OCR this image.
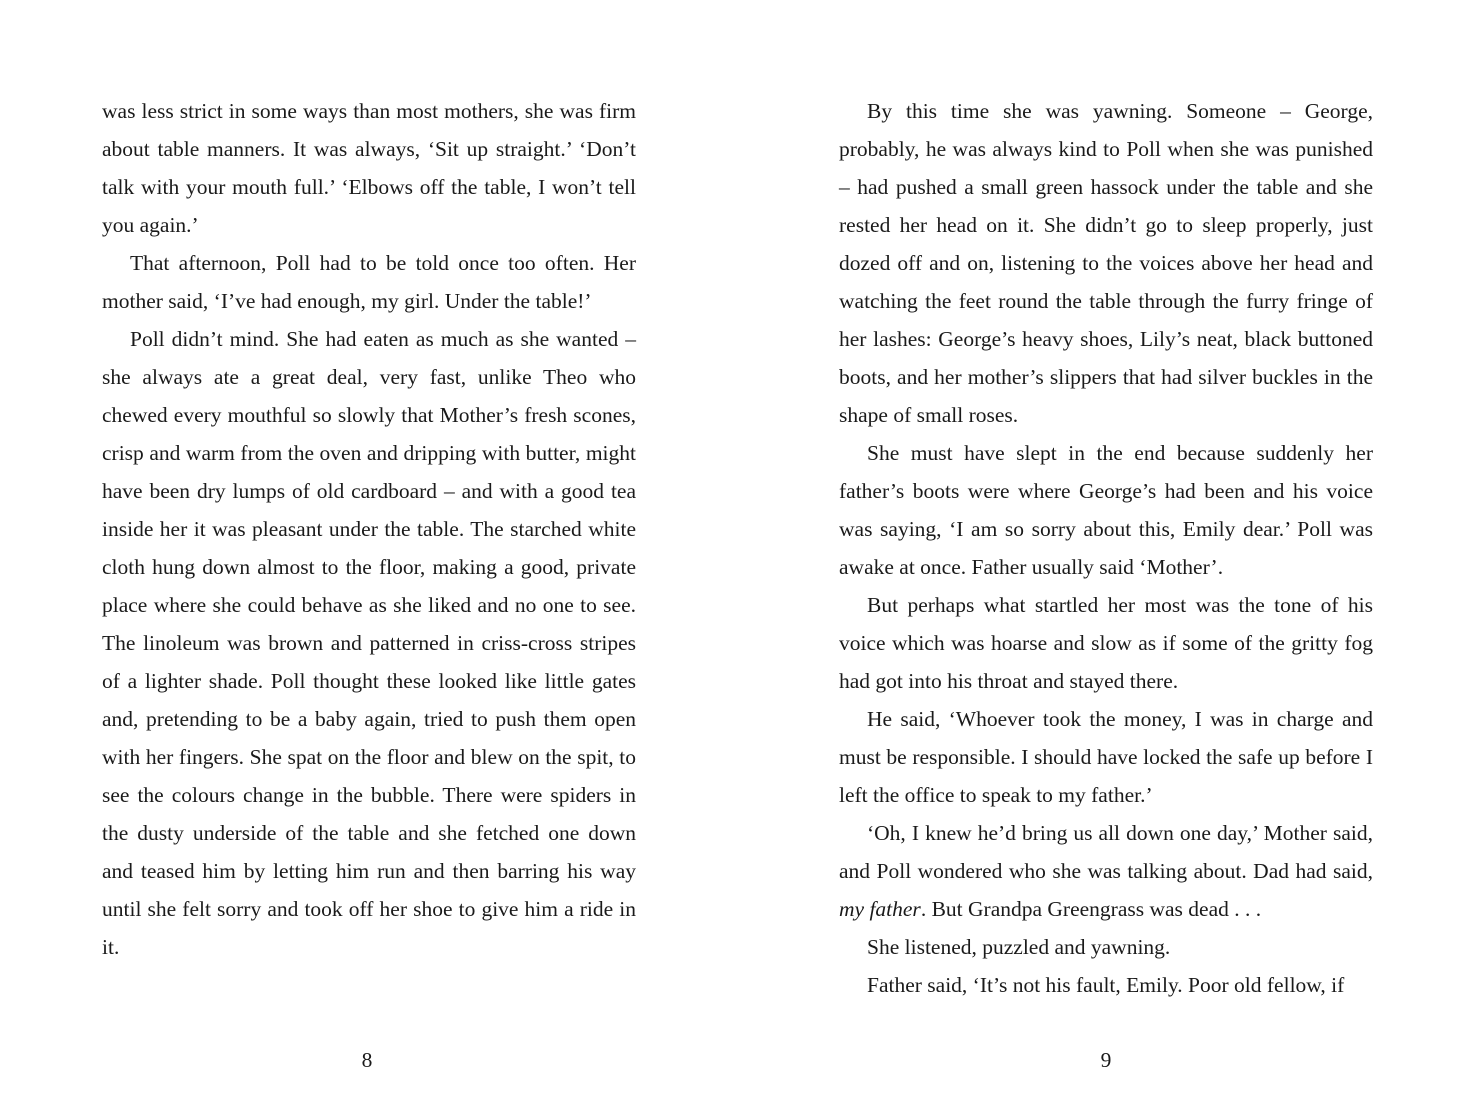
was less strict in some ways than most mothers, she was firm about table manners. It was always, ‘Sit up straight.’ ‘Don’t talk with your mouth full.’ ‘Elbows off the table, I won’t tell you again.’

That afternoon, Poll had to be told once too often. Her mother said, ‘I’ve had enough, my girl. Under the table!’

Poll didn’t mind. She had eaten as much as she wanted – she always ate a great deal, very fast, unlike Theo who chewed every mouthful so slowly that Mother’s fresh scones, crisp and warm from the oven and dripping with butter, might have been dry lumps of old cardboard – and with a good tea inside her it was pleasant under the table. The starched white cloth hung down almost to the floor, making a good, private place where she could behave as she liked and no one to see. The linoleum was brown and patterned in criss-cross stripes of a lighter shade. Poll thought these looked like little gates and, pretending to be a baby again, tried to push them open with her fingers. She spat on the floor and blew on the spit, to see the colours change in the bubble. There were spiders in the dusty underside of the table and she fetched one down and teased him by letting him run and then barring his way until she felt sorry and took off her shoe to give him a ride in it.

8

By this time she was yawning. Someone – George, probably, he was always kind to Poll when she was punished – had pushed a small green hassock under the table and she rested her head on it. She didn’t go to sleep properly, just dozed off and on, listening to the voices above her head and watching the feet round the table through the furry fringe of her lashes: George’s heavy shoes, Lily’s neat, black buttoned boots, and her mother’s slippers that had silver buckles in the shape of small roses.

She must have slept in the end because suddenly her father’s boots were where George’s had been and his voice was saying, ‘I am so sorry about this, Emily dear.’ Poll was awake at once. Father usually said ‘Mother’.

But perhaps what startled her most was the tone of his voice which was hoarse and slow as if some of the gritty fog had got into his throat and stayed there.

He said, ‘Whoever took the money, I was in charge and must be responsible. I should have locked the safe up before I left the office to speak to my father.’

‘Oh, I knew he’d bring us all down one day,’ Mother said, and Poll wondered who she was talking about. Dad had said, my father. But Grandpa Greengrass was dead . . .

She listened, puzzled and yawning.

Father said, ‘It’s not his fault, Emily. Poor old fellow, if

9
